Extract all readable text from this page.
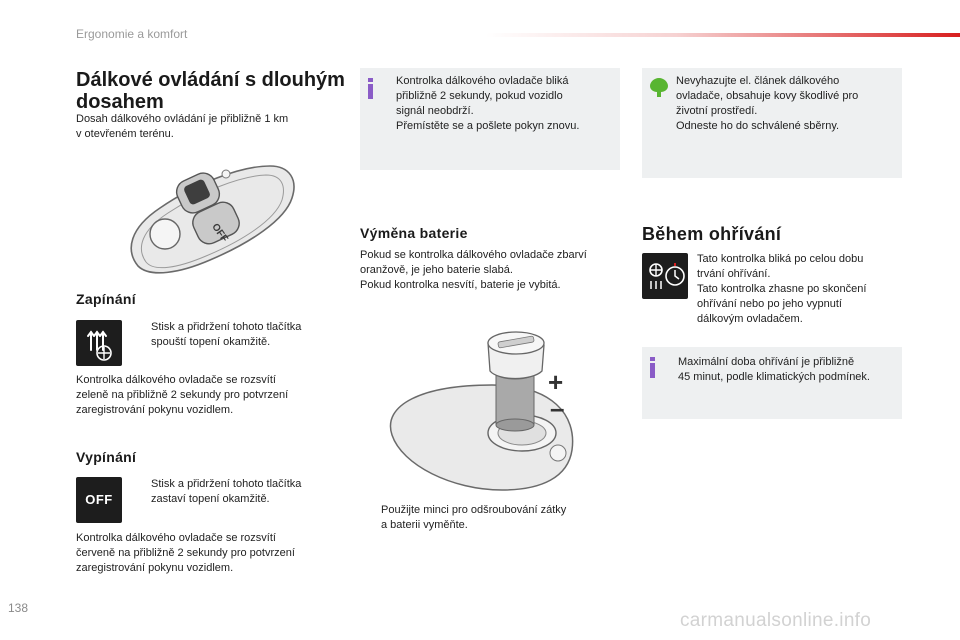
Ergonomie a komfort
Dálkové ovládání s dlouhým dosahem
Dosah dálkového ovládání je přibližně 1 km
v otevřeném terénu.
OFF
Zapínání
Stisk a přidržení tohoto tlačítka
spouští topení okamžitě.
Kontrolka dálkového ovladače se rozsvítí
zeleně na přibližně 2 sekundy pro potvrzení
zaregistrování pokynu vozidlem.
Vypínání
OFF
Stisk a přidržení tohoto tlačítka
zastaví topení okamžitě.
Kontrolka dálkového ovladače se rozsvítí
červeně na přibližně 2 sekundy pro potvrzení
zaregistrování pokynu vozidlem.
Kontrolka dálkového ovladače bliká
přibližně 2 sekundy, pokud vozidlo
signál neobdrží.
Přemístěte se a pošlete pokyn znovu.
Výměna baterie
Pokud se kontrolka dálkového ovladače zbarví
oranžově, je jeho baterie slabá.
Pokud kontrolka nesvítí, baterie je vybitá.
+
–
Použijte minci pro odšroubování zátky
a baterii vyměňte.
Nevyhazujte el. článek dálkového
ovladače, obsahuje kovy škodlivé pro
životní prostředí.
Odneste ho do schválené sběrny.
Během ohřívání
Tato kontrolka bliká po celou dobu
trvání ohřívání.
Tato kontrolka zhasne po skončení
ohřívání nebo po jeho vypnutí
dálkovým ovladačem.
Maximální doba ohřívání je přibližně
45 minut, podle klimatických podmínek.
138
carmanualsonline.info
